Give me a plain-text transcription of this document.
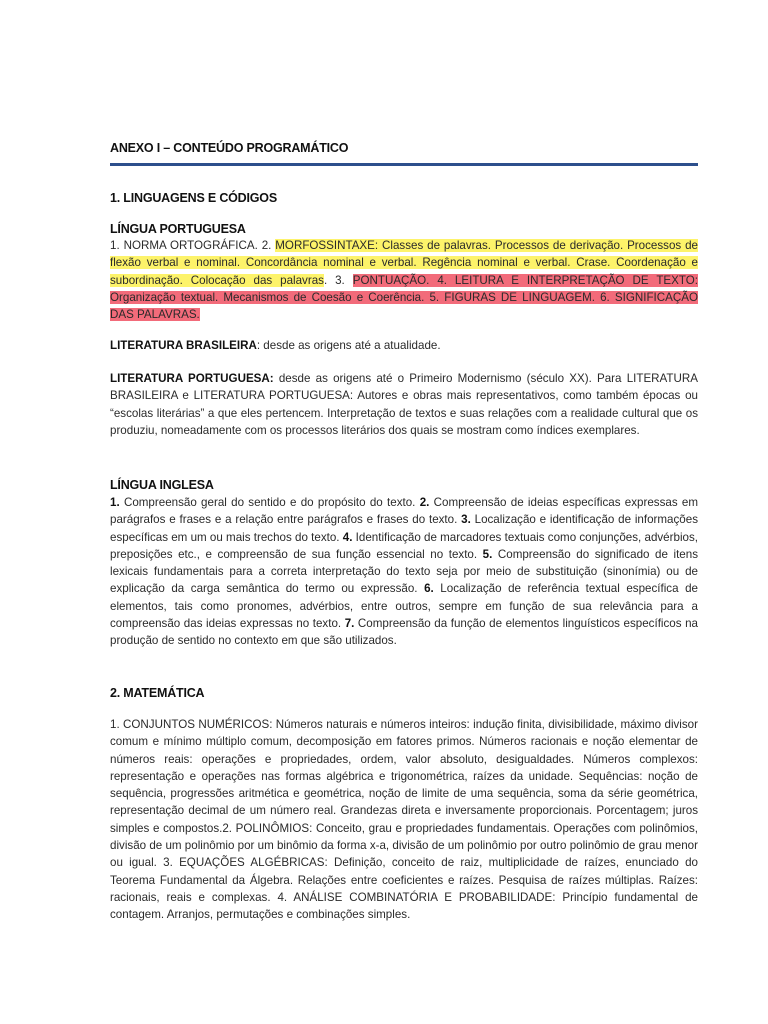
ANEXO I – CONTEÚDO PROGRAMÁTICO
1. LINGUAGENS E CÓDIGOS
LÍNGUA PORTUGUESA
1. NORMA ORTOGRÁFICA. 2. MORFOSSINTAXE: Classes de palavras. Processos de derivação. Processos de flexão verbal e nominal. Concordância nominal e verbal. Regência nominal e verbal. Crase. Coordenação e subordinação. Colocação das palavras. 3. PONTUAÇÃO. 4. LEITURA E INTERPRETAÇÃO DE TEXTO: Organização textual. Mecanismos de Coesão e Coerência. 5. FIGURAS DE LINGUAGEM. 6. SIGNIFICAÇÃO DAS PALAVRAS.
LITERATURA BRASILEIRA: desde as origens até a atualidade.
LITERATURA PORTUGUESA: desde as origens até o Primeiro Modernismo (século XX). Para LITERATURA BRASILEIRA e LITERATURA PORTUGUESA: Autores e obras mais representativos, como também épocas ou “escolas literárias” a que eles pertencem. Interpretação de textos e suas relações com a realidade cultural que os produziu, nomeadamente com os processos literários dos quais se mostram como índices exemplares.
LÍNGUA INGLESA
1. Compreensão geral do sentido e do propósito do texto. 2. Compreensão de ideias específicas expressas em parágrafos e frases e a relação entre parágrafos e frases do texto. 3. Localização e identificação de informações específicas em um ou mais trechos do texto. 4. Identificação de marcadores textuais como conjunções, advérbios, preposições etc., e compreensão de sua função essencial no texto. 5. Compreensão do significado de itens lexicais fundamentais para a correta interpretação do texto seja por meio de substituição (sinonímia) ou de explicação da carga semântica do termo ou expressão. 6. Localização de referência textual específica de elementos, tais como pronomes, advérbios, entre outros, sempre em função de sua relevância para a compreensão das ideias expressas no texto. 7. Compreensão da função de elementos linguísticos específicos na produção de sentido no contexto em que são utilizados.
2. MATEMÁTICA
1. CONJUNTOS NUMÉRICOS: Números naturais e números inteiros: indução finita, divisibilidade, máximo divisor comum e mínimo múltiplo comum, decomposição em fatores primos. Números racionais e noção elementar de números reais: operações e propriedades, ordem, valor absoluto, desigualdades. Números complexos: representação e operações nas formas algébrica e trigonométrica, raízes da unidade. Sequências: noção de sequência, progressões aritmética e geométrica, noção de limite de uma sequência, soma da série geométrica, representação decimal de um número real. Grandezas direta e inversamente proporcionais. Porcentagem; juros simples e compostos.2. POLINÔMIOS: Conceito, grau e propriedades fundamentais. Operações com polinômios, divisão de um polinômio por um binômio da forma x-a, divisão de um polinômio por outro polinômio de grau menor ou igual. 3. EQUAÇÕES ALGÉBRICAS: Definição, conceito de raiz, multiplicidade de raízes, enunciado do Teorema Fundamental da Álgebra. Relações entre coeficientes e raízes. Pesquisa de raízes múltiplas. Raízes: racionais, reais e complexas. 4. ANÁLISE COMBINATÓRIA E PROBABILIDADE: Princípio fundamental de contagem. Arranjos, permutações e combinações simples.
